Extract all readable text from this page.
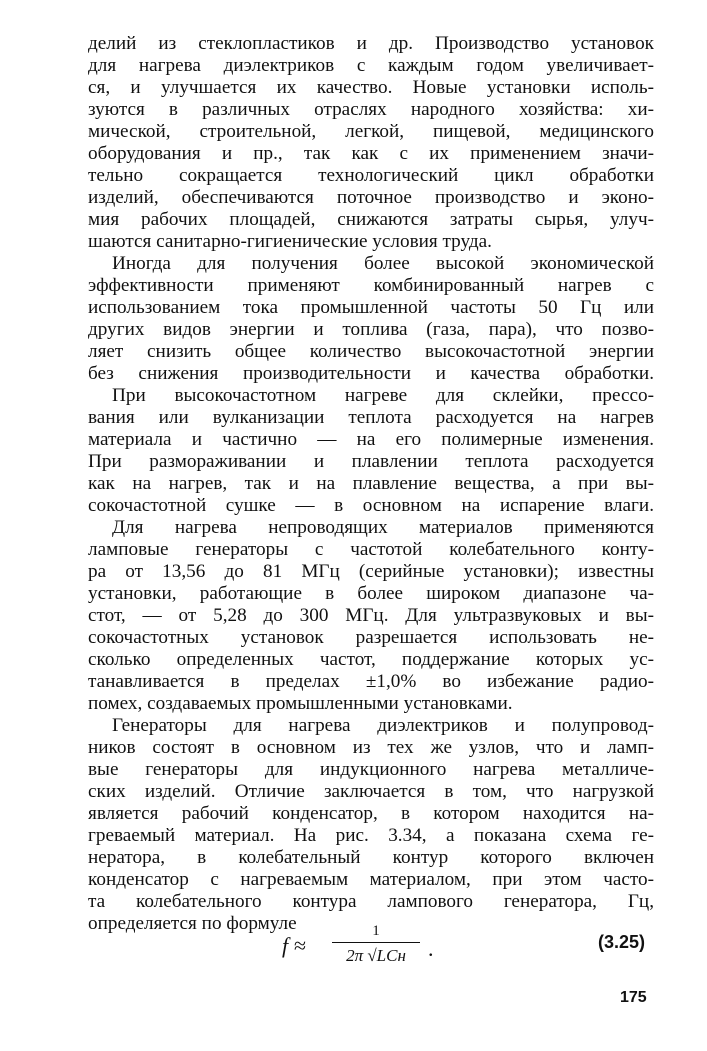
делий из стеклопластиков и др. Производство установок
для нагрева диэлектриков с каждым годом увеличивает-
ся, и улучшается их качество. Новые установки исполь-
зуются в различных отраслях народного хозяйства: хи-
мической, строительной, легкой, пищевой, медицинского
оборудования и пр., так как с их применением значи-
тельно сокращается технологический цикл обработки
изделий, обеспечиваются поточное производство и эконо-
мия рабочих площадей, снижаются затраты сырья, улуч-
шаются санитарно-гигиенические условия труда.
Иногда для получения более высокой экономической
эффективности применяют комбинированный нагрев с
использованием тока промышленной частоты 50 Гц или
других видов энергии и топлива (газа, пара), что позво-
ляет снизить общее количество высокочастотной энергии
без снижения производительности и качества обработки.
При высокочастотном нагреве для склейки, прессо-
вания или вулканизации теплота расходуется на нагрев
материала и частично — на его полимерные изменения.
При размораживании и плавлении теплота расходуется
как на нагрев, так и на плавление вещества, а при вы-
сокочастотной сушке — в основном на испарение влаги.
Для нагрева непроводящих материалов применяются
ламповые генераторы с частотой колебательного конту-
ра от 13,56 до 81 МГц (серийные установки); известны
установки, работающие в более широком диапазоне ча-
стот, — от 5,28 до 300 МГц. Для ультразвуковых и вы-
сокочастотных установок разрешается использовать не-
сколько определенных частот, поддержание которых ус-
танавливается в пределах ±1,0% во избежание радио-
помех, создаваемых промышленными установками.
Генераторы для нагрева диэлектриков и полупровод-
ников состоят в основном из тех же узлов, что и ламп-
вые генераторы для индукционного нагрева металличе-
ских изделий. Отличие заключается в том, что нагрузкой
является рабочий конденсатор, в котором находится на-
греваемый материал. На рис. 3.34, а показана схема ге-
нератора, в колебательный контур которого включен
конденсатор с нагреваемым материалом, при этом часто-
та колебательного контура лампового генератора, Гц,
определяется по формуле
f ≈
1
2π √LCн	.	(3.25)
175
